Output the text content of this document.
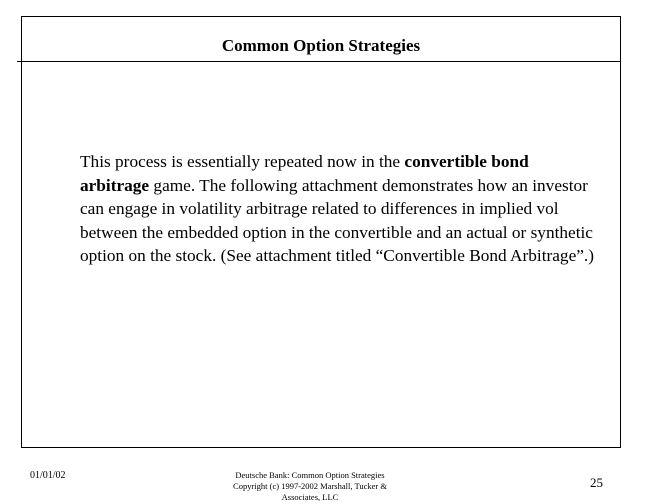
Common Option Strategies

This process is essentially repeated now in the convertible bond arbitrage game. The following attachment demonstrates how an investor can engage in volatility arbitrage related to differences in implied vol between the embedded option in the convertible and an actual or synthetic option on the stock. (See attachment titled “Convertible Bond Arbitrage”.)

01/01/02	Deutsche Bank: Common Option Strategies
Copyright (c) 1997-2002 Marshall, Tucker &
Associates, LLC
25
